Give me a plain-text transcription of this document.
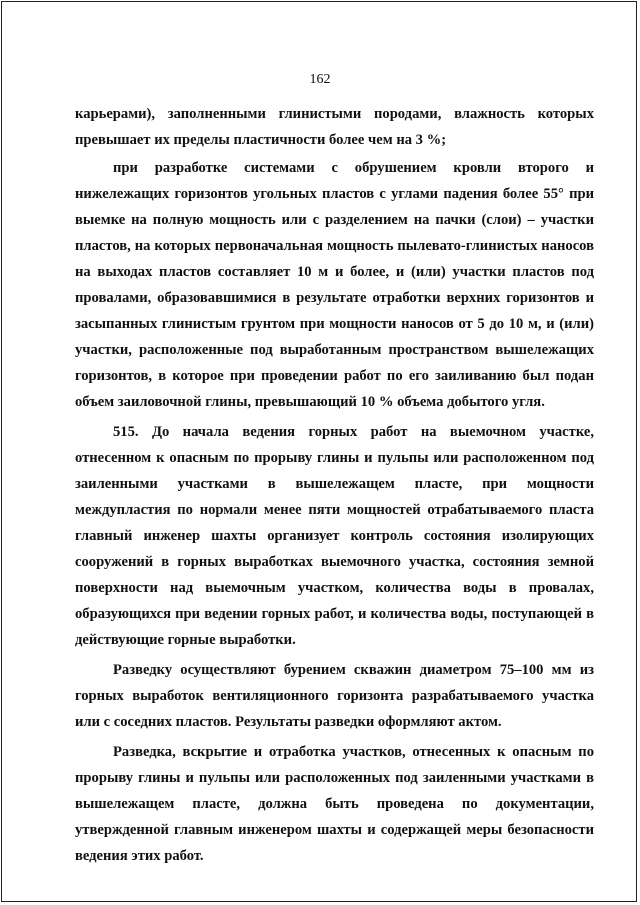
162

карьерами), заполненными глинистыми породами, влажность которых превышает их пределы пластичности более чем на 3 %;

при разработке системами с обрушением кровли второго и нижележащих горизонтов угольных пластов с углами падения более 55° при выемке на полную мощность или с разделением на пачки (слои) – участки пластов, на которых первоначальная мощность пылевато-глинистых наносов на выходах пластов составляет 10 м и более, и (или) участки пластов под провалами, образовавшимися в результате отработки верхних горизонтов и засыпанных глинистым грунтом при мощности наносов от 5 до 10 м, и (или) участки, расположенные под выработанным пространством вышележащих горизонтов, в которое при проведении работ по его заиливанию был подан объем заиловочной глины, превышающий 10 % объема добытого угля.

515. До начала ведения горных работ на выемочном участке, отнесенном к опасным по прорыву глины и пульпы или расположенном под заиленными участками в вышележащем пласте, при мощности междупластия по нормали менее пяти мощностей отрабатываемого пласта главный инженер шахты организует контроль состояния изолирующих сооружений в горных выработках выемочного участка, состояния земной поверхности над выемочным участком, количества воды в провалах, образующихся при ведении горных работ, и количества воды, поступающей в действующие горные выработки.

Разведку осуществляют бурением скважин диаметром 75–100 мм из горных выработок вентиляционного горизонта разрабатываемого участка или с соседних пластов. Результаты разведки оформляют актом.

Разведка, вскрытие и отработка участков, отнесенных к опасным по прорыву глины и пульпы или расположенных под заиленными участками в вышележащем пласте, должна быть проведена по документации, утвержденной главным инженером шахты и содержащей меры безопасности ведения этих работ.
